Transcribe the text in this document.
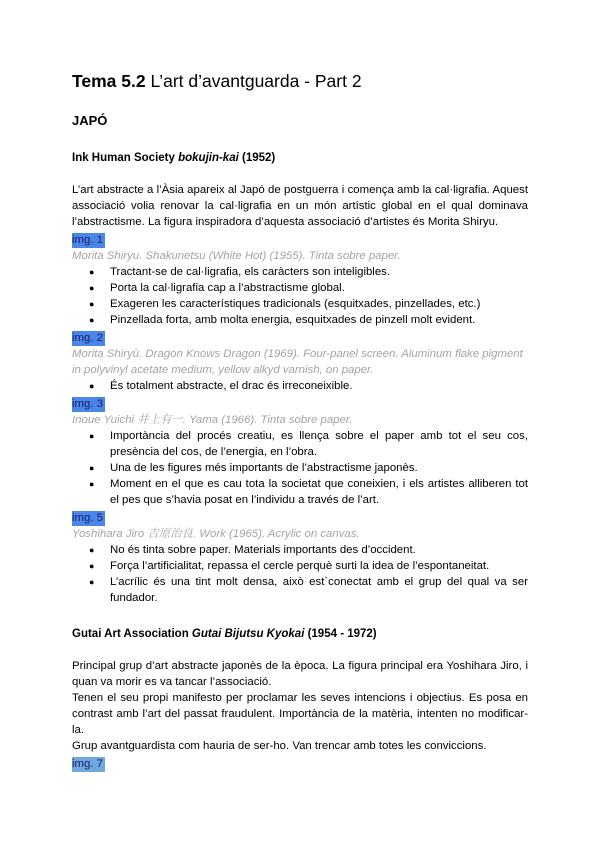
Tema 5.2 L’art d’avantguarda - Part 2
JAPÓ
Ink Human Society bokujin-kai (1952)

L’art abstracte a l’Àsia apareix al Japó de postguerra i comença amb la cal·ligrafia. Aquest associació volia renovar la cal·ligrafia en un món artístic global en el qual dominava l’abstractisme. La figura inspiradora d’aquesta associació d’artistes és Morita Shiryu.

img. 1
Morita Shiryu. Shakunetsu (White Hot) (1955). Tinta sobre paper.
● Tractant-se de cal·ligrafia, els caràcters son inteligibles.
● Porta la cal·ligrafia cap a l’abstractisme global.
● Exageren les característiques tradicionals (esquitxades, pinzellades, etc.)
● Pinzellada forta, amb molta energia, esquitxades de pinzell molt evident.
img. 2
Morita Shiryū. Dragon Knows Dragon (1969). Four-panel screen. Aluminum flake pigment in polyvinyl acetate medium, yellow alkyd varnish, on paper.
● És totalment abstracte, el drac és irreconeixible.
img. 3
Inoue Yuichi 井上有一. Yama (1966). Tinta sobre paper.
● Importància del procés creatiu, es llença sobre el paper amb tot el seu cos, presència del cos, de l’energia, en l’obra.
● Una de les figures més importants de l’abstractisme japonès.
● Moment en el que es cau tota la societat que coneixien, i els artistes alliberen tot el pes que s’havia posat en l’individu a través de l’art.
img. 5
Yoshihara Jiro 吉原治良. Work (1965). Acrylic on canvas.
● No és tinta sobre paper. Materials importants des d’occident.
● Força l’artificialitat, repassa el cercle perquè surti la idea de l’espontaneitat.
● L’acrílic és una tint molt densa, això est`conectat amb el grup del qual va ser fundador.
Gutai Art Association Gutai Bijutsu Kyokai (1954 - 1972)

Principal grup d’art abstracte japonès de la època. La figura principal era Yoshihara Jiro, i quan va morir es va tancar l’associació.

Tenen el seu propi manifesto per proclamar les seves intencions i objectius. Es posa en contrast amb l’art del passat fraudulent. Importància de la matèria, intenten no modificar-la.

Grup avantguardista com hauria de ser-ho. Van trencar amb totes les conviccions.

img. 7
